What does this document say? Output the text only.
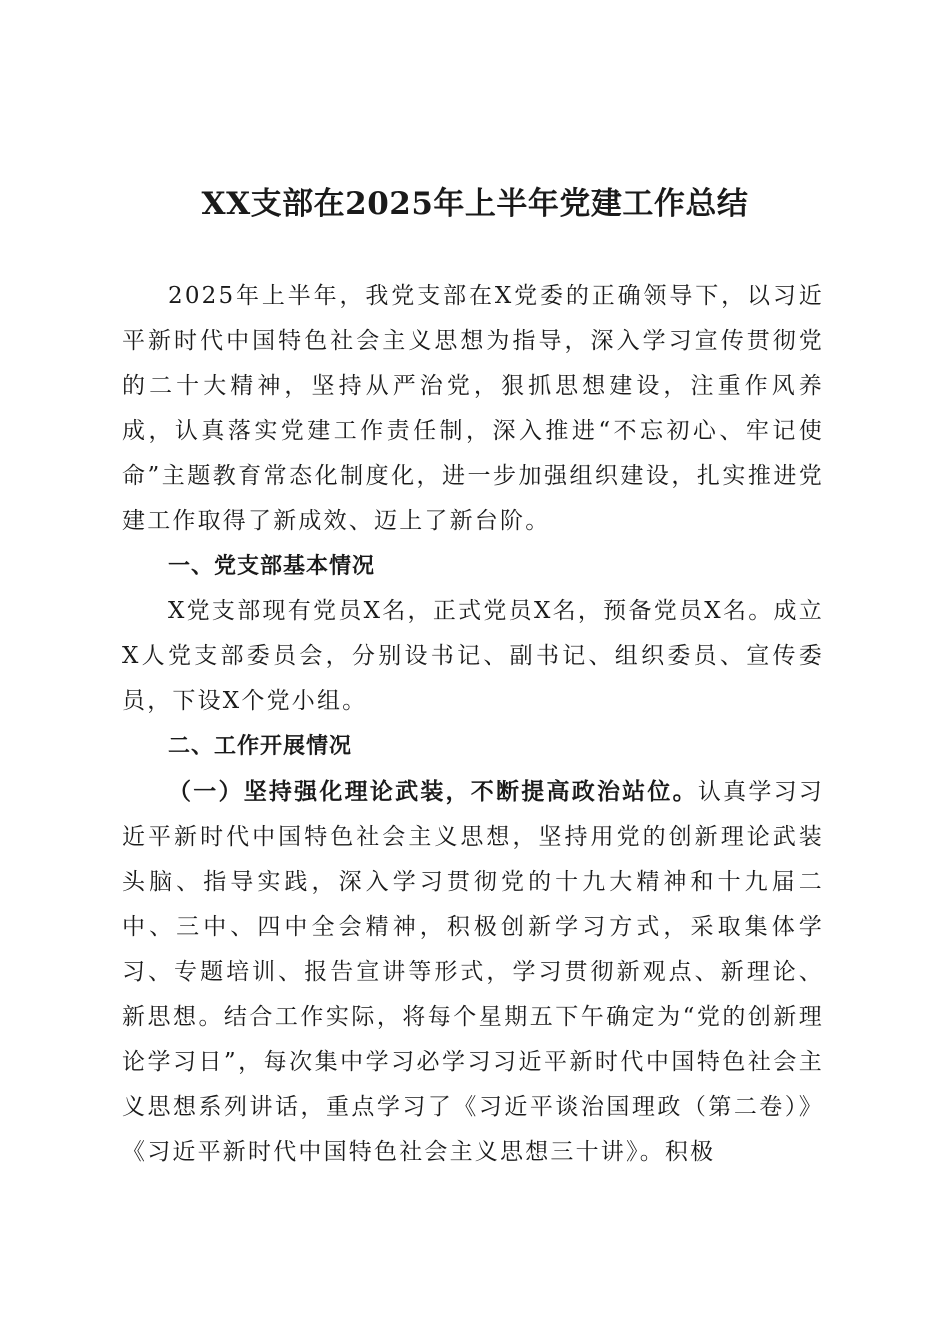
XX支部在2025年上半年党建工作总结

2025年上半年，我党支部在X党委的正确领导下，以习近平新时代中国特色社会主义思想为指导，深入学习宣传贯彻党的二十大精神，坚持从严治党，狠抓思想建设，注重作风养成，认真落实党建工作责任制，深入推进“不忘初心、牢记使命”主题教育常态化制度化，进一步加强组织建设，扎实推进党建工作取得了新成效、迈上了新台阶。

一、党支部基本情况

X党支部现有党员X名，正式党员X名，预备党员X名。成立X人党支部委员会，分别设书记、副书记、组织委员、宣传委员，下设X个党小组。

二、工作开展情况

（一）坚持强化理论武装，不断提高政治站位。认真学习习近平新时代中国特色社会主义思想，坚持用党的创新理论武装头脑、指导实践，深入学习贯彻党的十九大精神和十九届二中、三中、四中全会精神，积极创新学习方式，采取集体学习、专题培训、报告宣讲等形式，学习贯彻新观点、新理论、新思想。结合工作实际，将每个星期五下午确定为“党的创新理论学习日”，每次集中学习必学习习近平新时代中国特色社会主义思想系列讲话，重点学习了《习近平谈治国理政（第二卷）》《习近平新时代中国特色社会主义思想三十讲》。积极
